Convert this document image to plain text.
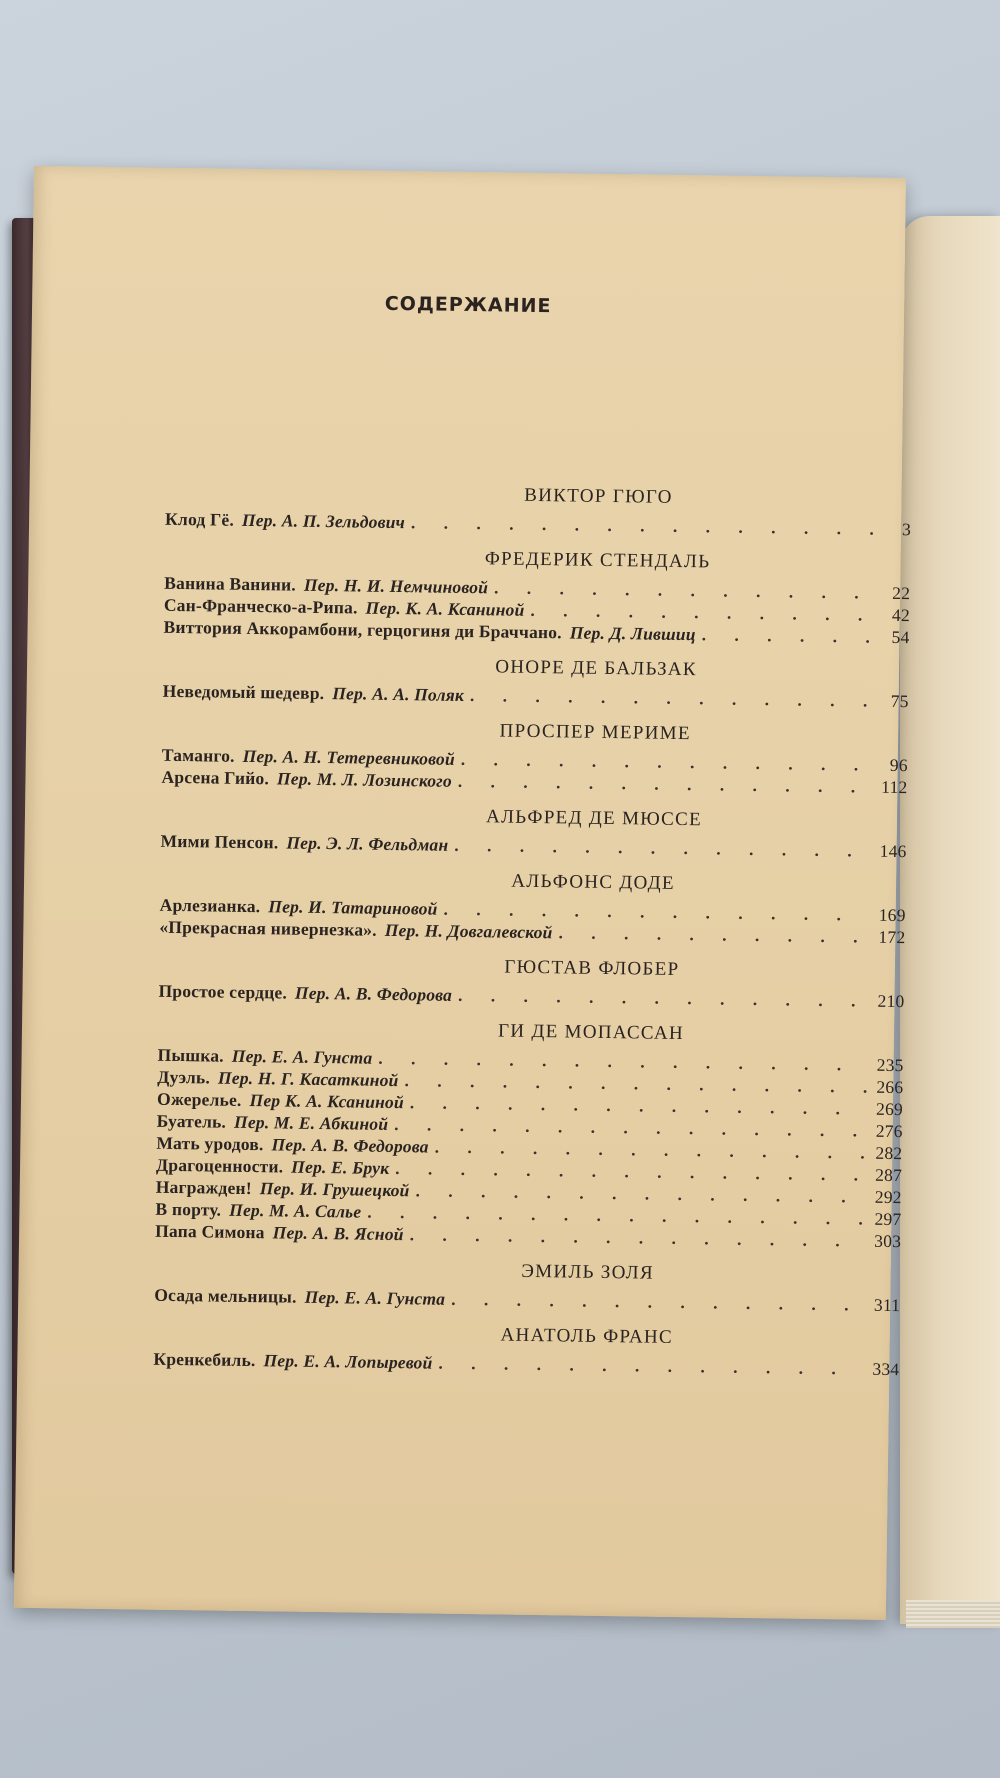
СОДЕРЖАНИЕ
ВИКТОР ГЮГО
Клод Гё. Пер. А. П. Зельдович . . .	3
ФРЕДЕРИК СТЕНДАЛЬ
Ванина Ванини. Пер. Н. И. Немчиновой . . .	22
Сан-Франческо-а-Рипа. Пер. К. А. Ксаниной . . .	42
Виттория Аккорамбони, герцогиня ди Браччано. Пер. Д. Лившиц . . .	54
ОНОРЕ ДЕ БАЛЬЗАК
Неведомый шедевр. Пер. А. А. Поляк . . .	75
ПРОСПЕР МЕРИМЕ
Таманго. Пер. А. Н. Тетеревниковой . . .	96
Арсена Гийо. Пер. М. Л. Лозинского . . .	112
АЛЬФРЕД ДЕ МЮССЕ
Мими Пенсон. Пер. Э. Л. Фельдман . . .	146
АЛЬФОНС ДОДЕ
Арлезианка. Пер. И. Татариновой . . .	169
«Прекрасная нивернезка». Пер. Н. Довгалевской . . .	172
ГЮСТАВ ФЛОБЕР
Простое сердце. Пер. А. В. Федорова . . .	210
ГИ ДЕ МОПАССАН
Пышка. Пер. Е. А. Гунста . . .	235
Дуэль. Пер. Н. Г. Касаткиной . . .	266
Ожерелье. Пер К. А. Ксаниной . . .	269
Буатель. Пер. М. Е. Абкиной . . .	276
Мать уродов. Пер. А. В. Федорова . . .	282
Драгоценности. Пер. Е. Брук . . .	287
Награжден! Пер. И. Грушецкой . . .	292
В порту. Пер. М. А. Салье . . .	297
Папа Симона Пер. А. В. Ясной . . .	303
ЭМИЛЬ ЗОЛЯ
Осада мельницы. Пер. Е. А. Гунста . . .	311
АНАТОЛЬ ФРАНС
Кренкебиль. Пер. Е. А. Лопыревой . . .	334
